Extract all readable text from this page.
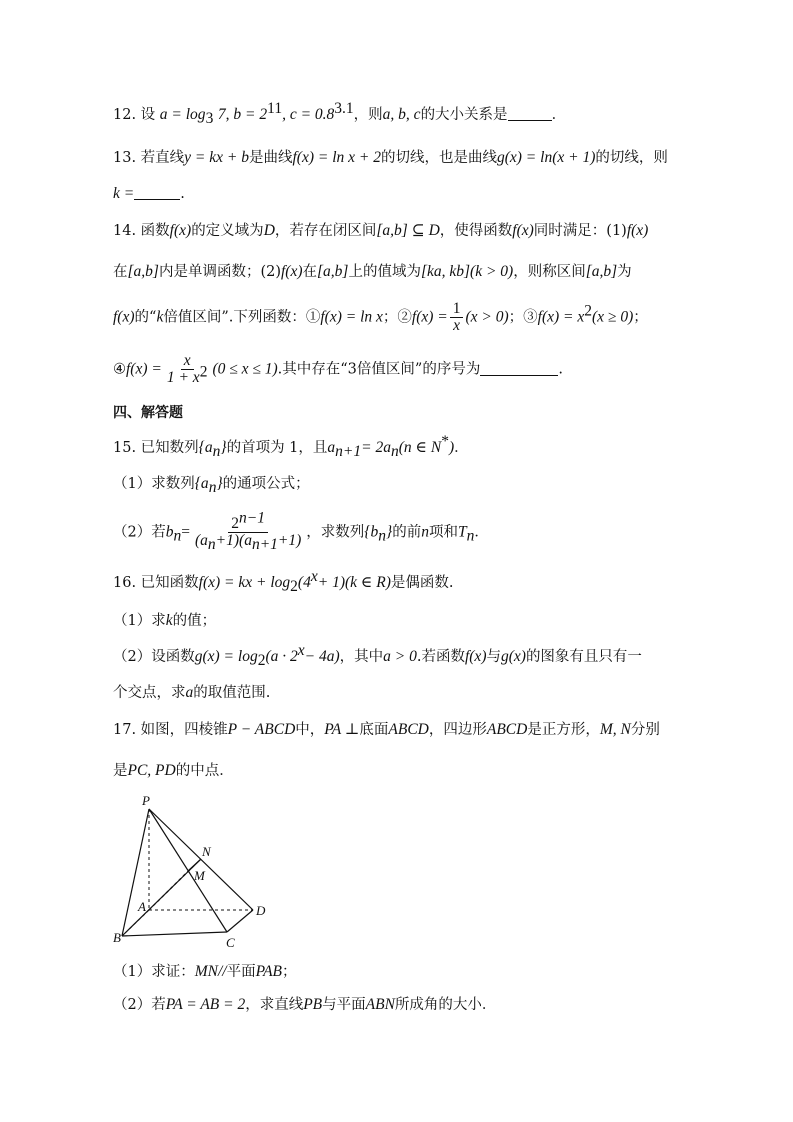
12. 设 $a = \log_3 7$, $b = 2^{11}$, $c = 0.8^{3.1}$，则a, b, c的大小关系是	．
13. 若直线y = kx + b是曲线f(x) = ln x + 2的切线，也是曲线g(x) = ln(x + 1)的切线，则
k =	.
14. 函数f(x)的定义域为D，若存在闭区间[a,b] ⊆ D，使得函数f(x)同时满足：(1)f(x)
在[a,b]内是单调函数；(2)f(x)在[a,b]上的值域为[ka, kb](k > 0)，则称区间[a,b]为
f(x)的“k倍值区间”.下列函数：①f(x) = ln x；②f(x) = $\frac{1}{x} (x > 0)$；③f(x) = $x^2(x \ge 0)$；
④f(x) = $\frac{x}{1 + x^2} (0 \le x \le 1)$.其中存在“3倍值区间”的序号为	.
四、解答题
15. 已知数列$\{a_n\}$的首项为 1，且$a_{n+1}= 2a_n(n$ ∈ N*)．
（1）求数列$\{a_n\}$的通项公式；
（2）若$b_n= \frac{2^{n-1}}{(a_n+1)(a_{n+1}+1)}$ ，求数列$\{b_n\}$的前n项和$T_n$．
16. 已知函数f(x) = kx + $\log_2(4^x+ 1)(k$ ∈ R)是偶函数.
（1）求k的值；
（2）设函数$g(x) = \log_2(a \cdot 2^x- 4a)$，其中a > 0.若函数f(x)与g(x)的图象有且只有一
个交点，求a的取值范围.
17. 如图，四棱锥P − ABCD中，PA ⊥底面ABCD，四边形ABCD是正方形，M, N分别
是PC, PD的中点．
P
N
M
A	D
B	C
（1）求证：MN//平面PAB；
（2）若PA = AB = 2，求直线PB与平面ABN所成角的大小．
